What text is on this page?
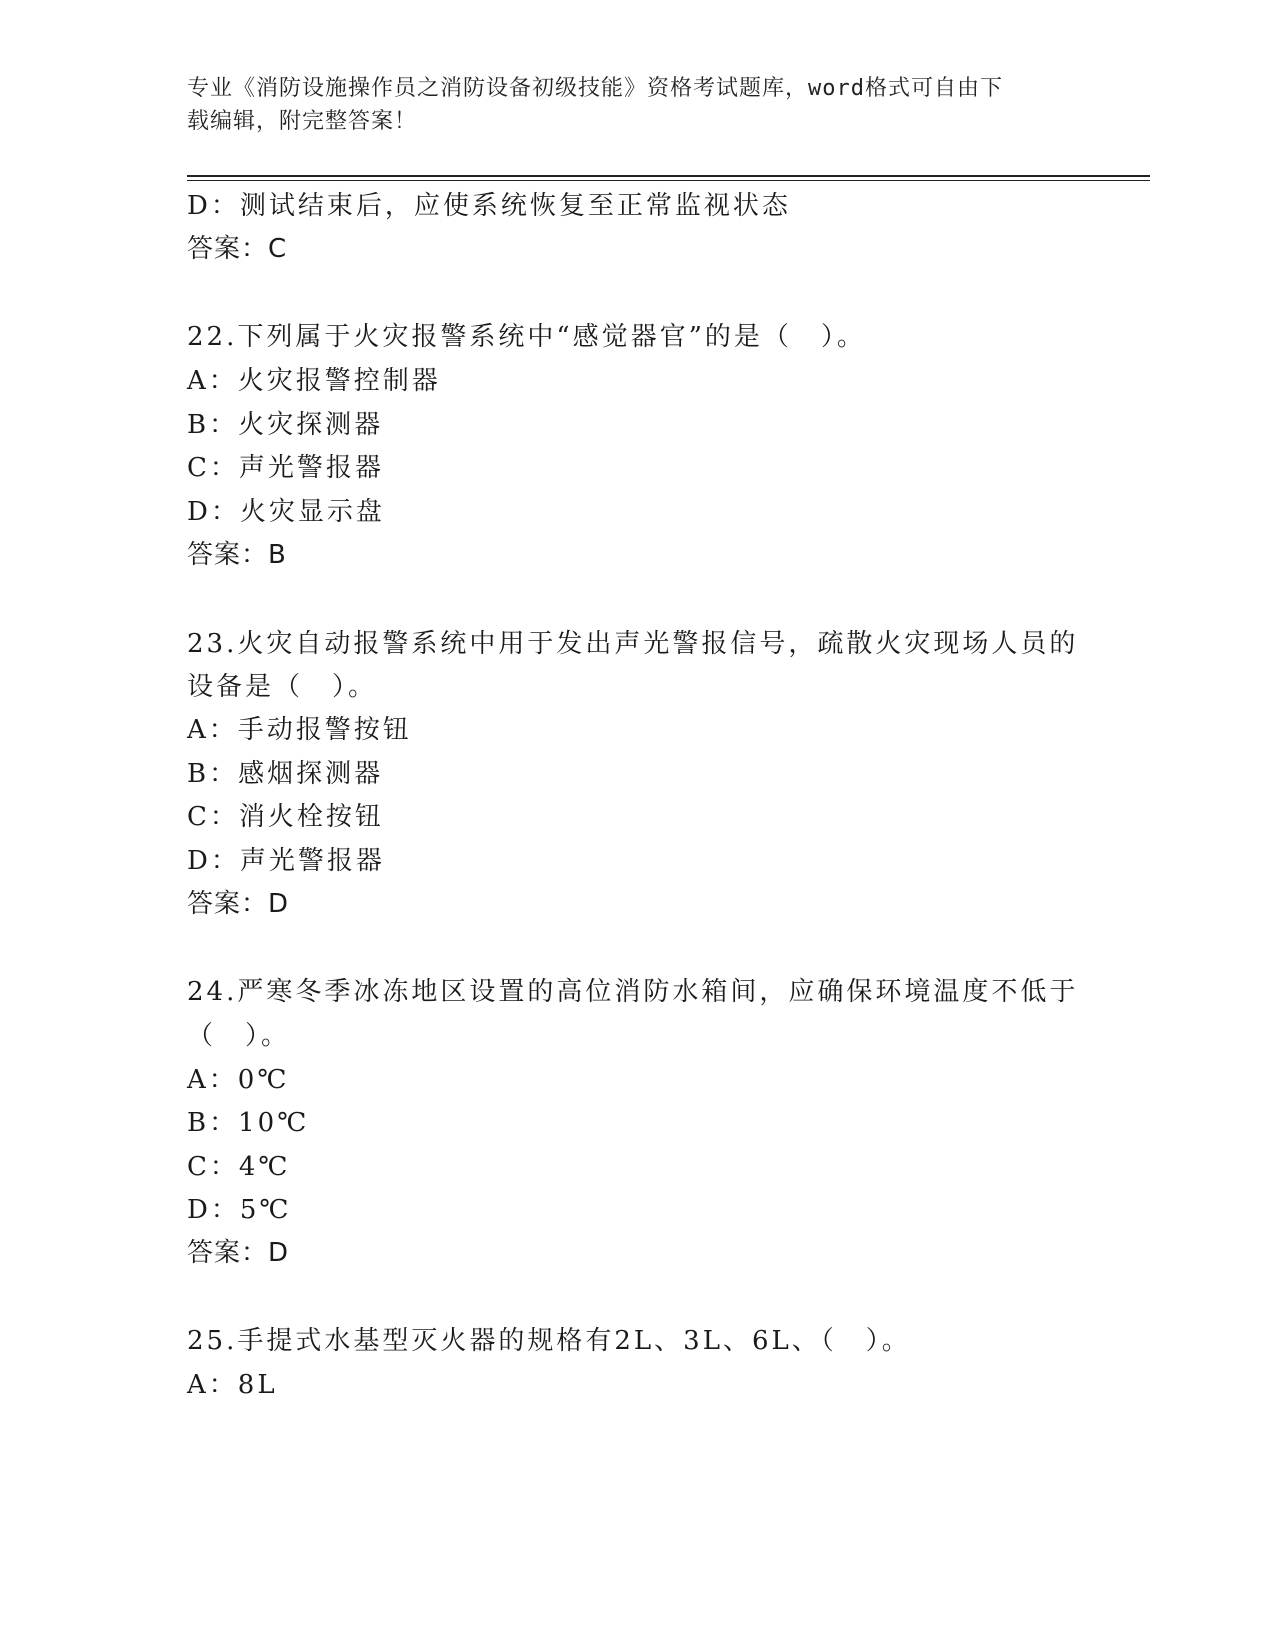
专业《消防设施操作员之消防设备初级技能》资格考试题库，word格式可自由下
载编辑，附完整答案！
D：测试结束后，应使系统恢复至正常监视状态
答案：C
22.下列属于火灾报警系统中“感觉器官”的是（　）。
A：火灾报警控制器
B：火灾探测器
C：声光警报器
D：火灾显示盘
答案：B
23.火灾自动报警系统中用于发出声光警报信号，疏散火灾现场人员的
设备是（　）。
A：手动报警按钮
B：感烟探测器
C：消火栓按钮
D：声光警报器
答案：D
24.严寒冬季冰冻地区设置的高位消防水箱间，应确保环境温度不低于
（　）。
A：0℃
B：10℃
C：4℃
D：5℃
答案：D
25.手提式水基型灭火器的规格有2L、3L、6L、（　）。
A：8L
